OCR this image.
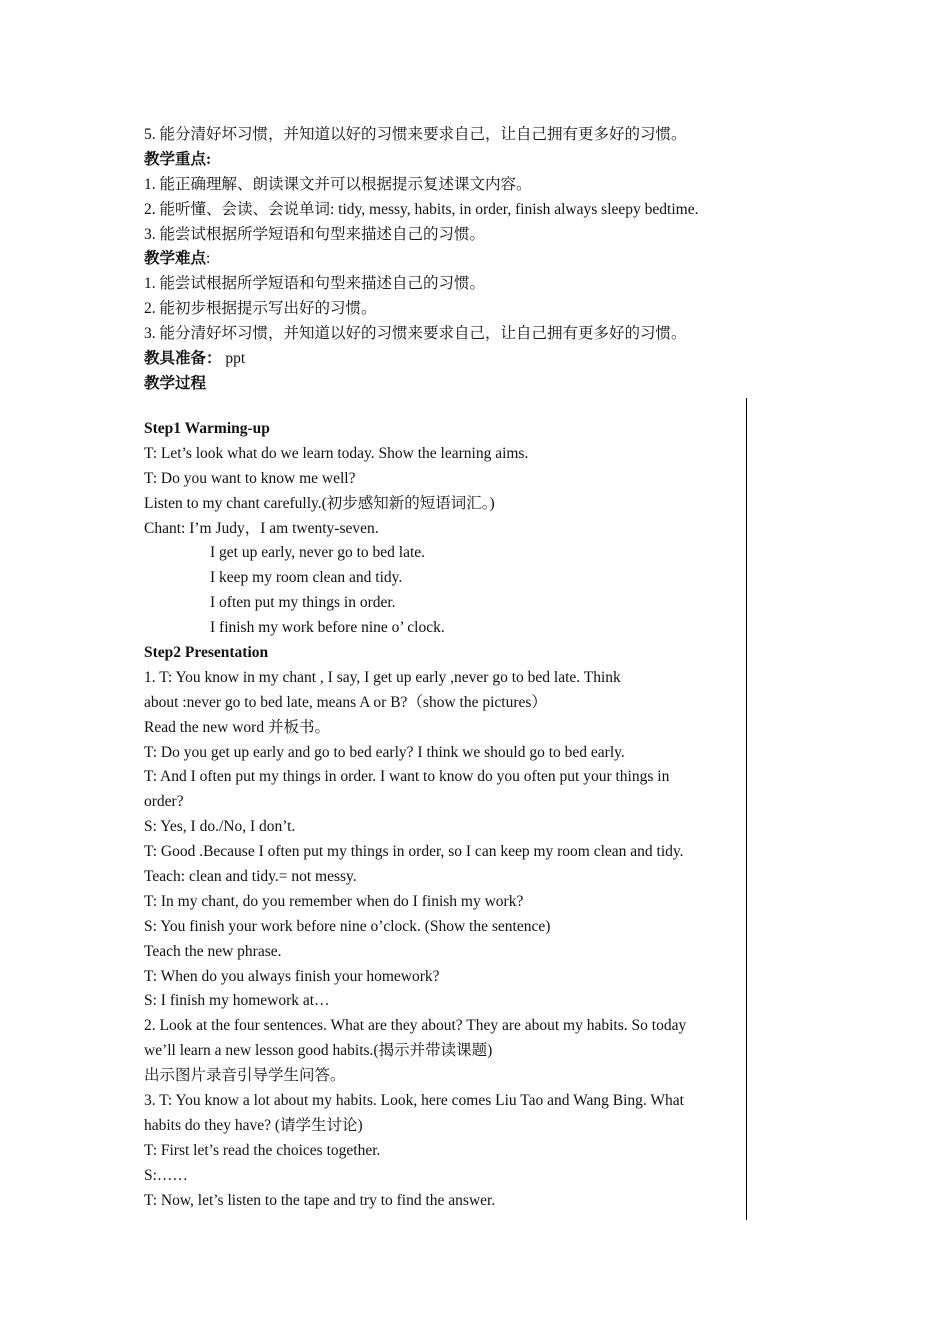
5. 能分清好坏习惯，并知道以好的习惯来要求自己，让自己拥有更多好的习惯。

教学重点:

1. 能正确理解、朗读课文并可以根据提示复述课文内容。

2. 能听懂、会读、会说单词: tidy, messy, habits, in order, finish always sleepy bedtime.

3. 能尝试根据所学短语和句型来描述自己的习惯。

教学难点:

1. 能尝试根据所学短语和句型来描述自己的习惯。

2. 能初步根据提示写出好的习惯。

3. 能分清好坏习惯，并知道以好的习惯来要求自己，让自己拥有更多好的习惯。

教具准备： ppt

教学过程

Step1 Warming-up

T: Let’s look what do we learn today. Show the learning aims.

T: Do you want to know me well?

Listen to my chant carefully.(初步感知新的短语词汇。)

Chant: I’m Judy，I am twenty-seven.

I get up early, never go to bed late.

I keep my room clean and tidy.

I often put my things in order.

I finish my work before nine o’ clock.

Step2 Presentation

1. T: You know in my chant , I say, I get up early ,never go to bed late. Think

about :never go to bed late, means A or B?（show the pictures）

Read the new word 并板书。

T: Do you get up early and go to bed early? I think we should go to bed early.

T: And I often put my things in order. I want to know do you often put your things in

order?

S: Yes, I do./No, I don’t.

T: Good .Because I often put my things in order, so I can keep my room clean and tidy.

Teach: clean and tidy.= not messy.

T: In my chant, do you remember when do I finish my work?

S: You finish your work before nine o’clock. (Show the sentence)

Teach the new phrase.

T: When do you always finish your homework?

S: I finish my homework at…

2. Look at the four sentences. What are they about? They are about my habits. So today

we’ll learn a new lesson good habits.(揭示并带读课题)

出示图片录音引导学生问答。

3. T: You know a lot about my habits. Look, here comes Liu Tao and Wang Bing. What

habits do they have? (请学生讨论)

T: First let’s read the choices together.

S:……

T: Now, let’s listen to the tape and try to find the answer.
